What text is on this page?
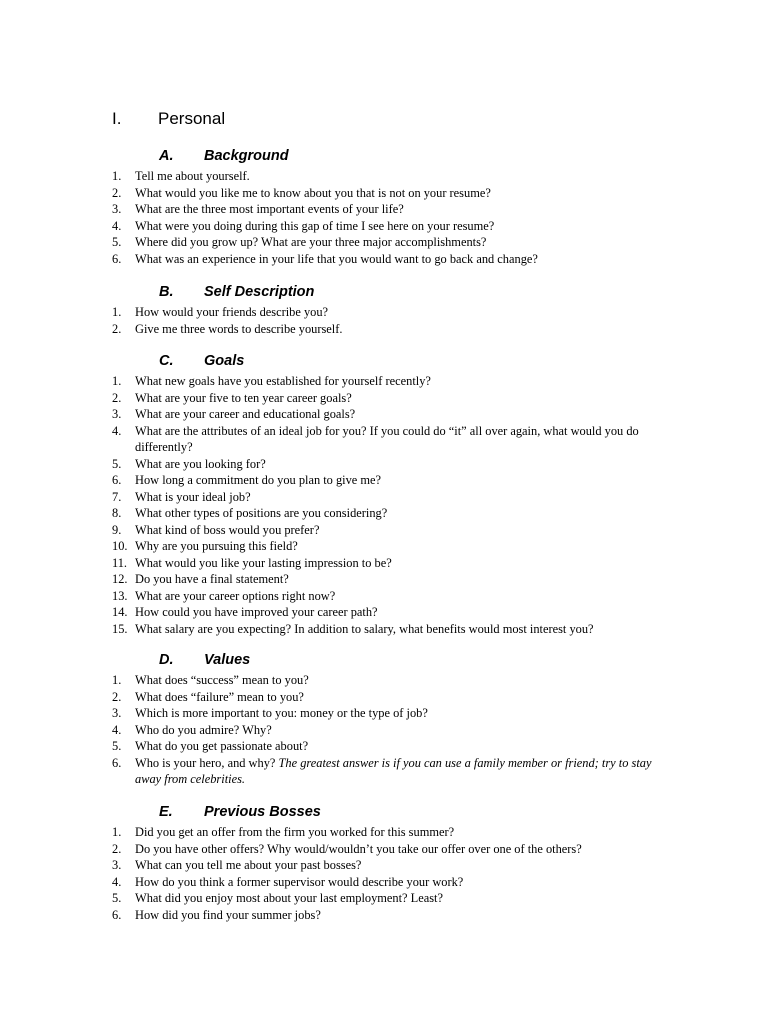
I. Personal
A. Background
1.	Tell me about yourself.
2.	What would you like me to know about you that is not on your resume?
3.	What are the three most important events of your life?
4.	What were you doing during this gap of time I see here on your resume?
5.	Where did you grow up? What are your three major accomplishments?
6.	What was an experience in your life that you would want to go back and change?
B. Self Description
1.	How would your friends describe you?
2.	Give me three words to describe yourself.
C. Goals
1.	What new goals have you established for yourself recently?
2.	What are your five to ten year career goals?
3.	What are your career and educational goals?
4.	What are the attributes of an ideal job for you? If you could do “it” all over again, what would you do differently?
5.	What are you looking for?
6.	How long a commitment do you plan to give me?
7.	What is your ideal job?
8.	What other types of positions are you considering?
9.	What kind of boss would you prefer?
10. Why are you pursuing this field?
11. What would you like your lasting impression to be?
12. Do you have a final statement?
13. What are your career options right now?
14. How could you have improved your career path?
15. What salary are you expecting? In addition to salary, what benefits would most interest you?
D. Values
1.	What does “success” mean to you?
2.	What does “failure” mean to you?
3.	Which is more important to you: money or the type of job?
4.	Who do you admire? Why?
5.	What do you get passionate about?
6.	Who is your hero, and why? The greatest answer is if you can use a family member or friend; try to stay away from celebrities.
E. Previous Bosses
1.	Did you get an offer from the firm you worked for this summer?
2.	Do you have other offers? Why would/wouldn’t you take our offer over one of the others?
3.	What can you tell me about your past bosses?
4.	How do you think a former supervisor would describe your work?
5.	What did you enjoy most about your last employment? Least?
6.	How did you find your summer jobs?
